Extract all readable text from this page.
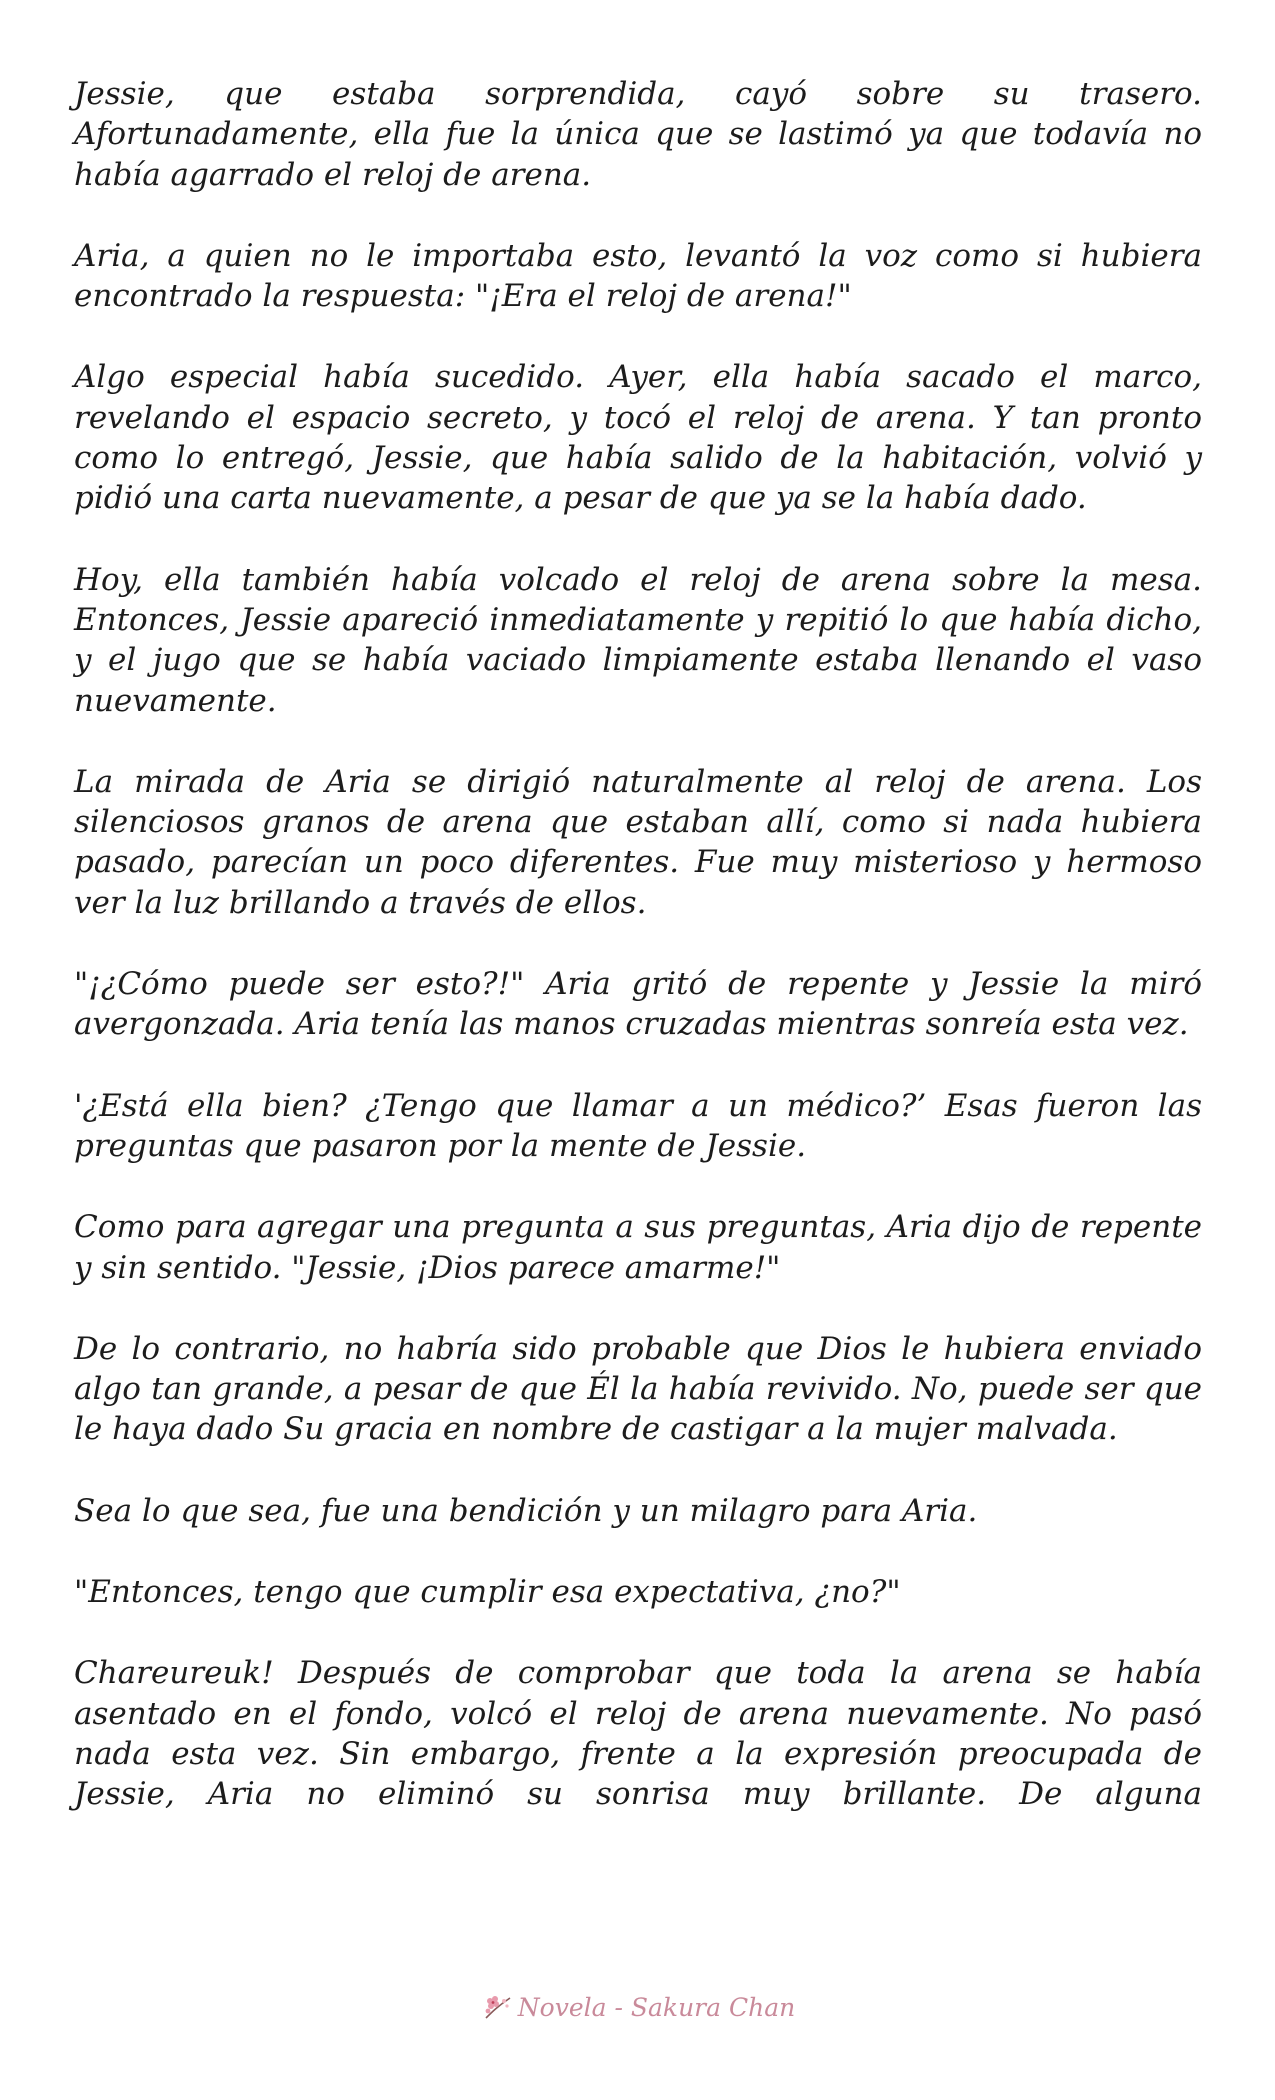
Jessie, que estaba sorprendida, cayó sobre su trasero. Afortunadamente, ella fue la única que se lastimó ya que todavía no había agarrado el reloj de arena.

Aria, a quien no le importaba esto, levantó la voz como si hubiera encontrado la respuesta: "¡Era el reloj de arena!"

Algo especial había sucedido. Ayer, ella había sacado el marco, revelando el espacio secreto, y tocó el reloj de arena. Y tan pronto como lo entregó, Jessie, que había salido de la habitación, volvió y pidió una carta nuevamente, a pesar de que ya se la había dado.

Hoy, ella también había volcado el reloj de arena sobre la mesa. Entonces, Jessie apareció inmediatamente y repitió lo que había dicho, y el jugo que se había vaciado limpiamente estaba llenando el vaso nuevamente.

La mirada de Aria se dirigió naturalmente al reloj de arena. Los silenciosos granos de arena que estaban allí, como si nada hubiera pasado, parecían un poco diferentes. Fue muy misterioso y hermoso ver la luz brillando a través de ellos.

"¡¿Cómo puede ser esto?!" Aria gritó de repente y Jessie la miró avergonzada. Aria tenía las manos cruzadas mientras sonreía esta vez.

'¿Está ella bien? ¿Tengo que llamar a un médico?’ Esas fueron las preguntas que pasaron por la mente de Jessie.

Como para agregar una pregunta a sus preguntas, Aria dijo de repente y sin sentido. "Jessie, ¡Dios parece amarme!"

De lo contrario, no habría sido probable que Dios le hubiera enviado algo tan grande, a pesar de que Él la había revivido. No, puede ser que le haya dado Su gracia en nombre de castigar a la mujer malvada.

Sea lo que sea, fue una bendición y un milagro para Aria.

"Entonces, tengo que cumplir esa expectativa, ¿no?"

Chareureuk! Después de comprobar que toda la arena se había asentado en el fondo, volcó el reloj de arena nuevamente. No pasó nada esta vez. Sin embargo, frente a la expresión preocupada de Jessie, Aria no eliminó su sonrisa muy brillante. De alguna

Novela - Sakura Chan
